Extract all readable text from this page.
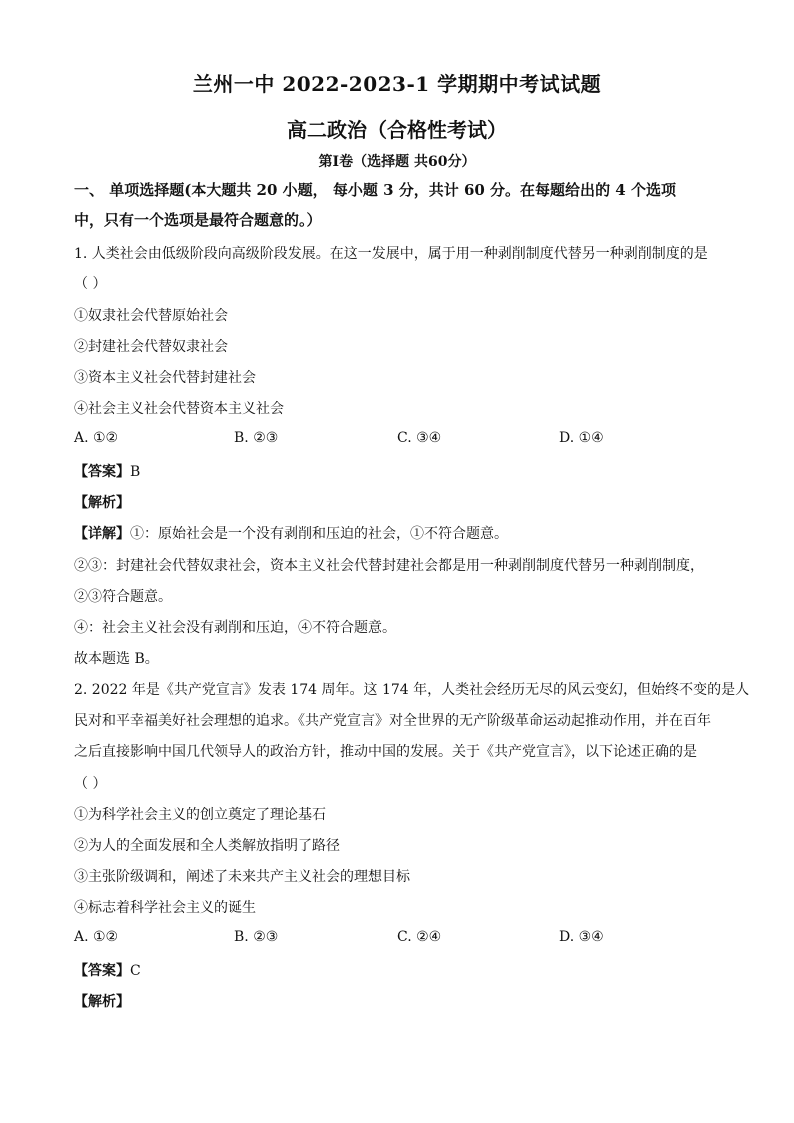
兰州一中 2022-2023-1 学期期中考试试题
高二政治（合格性考试）
第Ⅰ卷（选择题 共60分）
一、 单项选择题(本大题共 20 小题， 每小题 3 分，共计 60 分。在每题给出的 4 个选项
中，只有一个选项是最符合题意的。）
1. 人类社会由低级阶段向高级阶段发展。在这一发展中，属于用一种剥削制度代替另一种剥削制度的是
（ ）
①奴隶社会代替原始社会
②封建社会代替奴隶社会
③资本主义社会代替封建社会
④社会主义社会代替资本主义社会
A. ①②	B. ②③	C. ③④	D. ①④
【答案】B
【解析】
【详解】①：原始社会是一个没有剥削和压迫的社会，①不符合题意。
②③：封建社会代替奴隶社会，资本主义社会代替封建社会都是用一种剥削制度代替另一种剥削制度，
②③符合题意。
④：社会主义社会没有剥削和压迫，④不符合题意。
故本题选 B。
2. 2022 年是《共产党宣言》发表 174 周年。这 174 年，人类社会经历无尽的风云变幻，但始终不变的是人
民对和平幸福美好社会理想的追求。《共产党宣言》对全世界的无产阶级革命运动起推动作用，并在百年
之后直接影响中国几代领导人的政治方针，推动中国的发展。关于《共产党宣言》，以下论述正确的是
（ ）
①为科学社会主义的创立奠定了理论基石
②为人的全面发展和全人类解放指明了路径
③主张阶级调和，阐述了未来共产主义社会的理想目标
④标志着科学社会主义的诞生
A. ①②	B. ②③	C. ②④	D. ③④
【答案】C
【解析】
